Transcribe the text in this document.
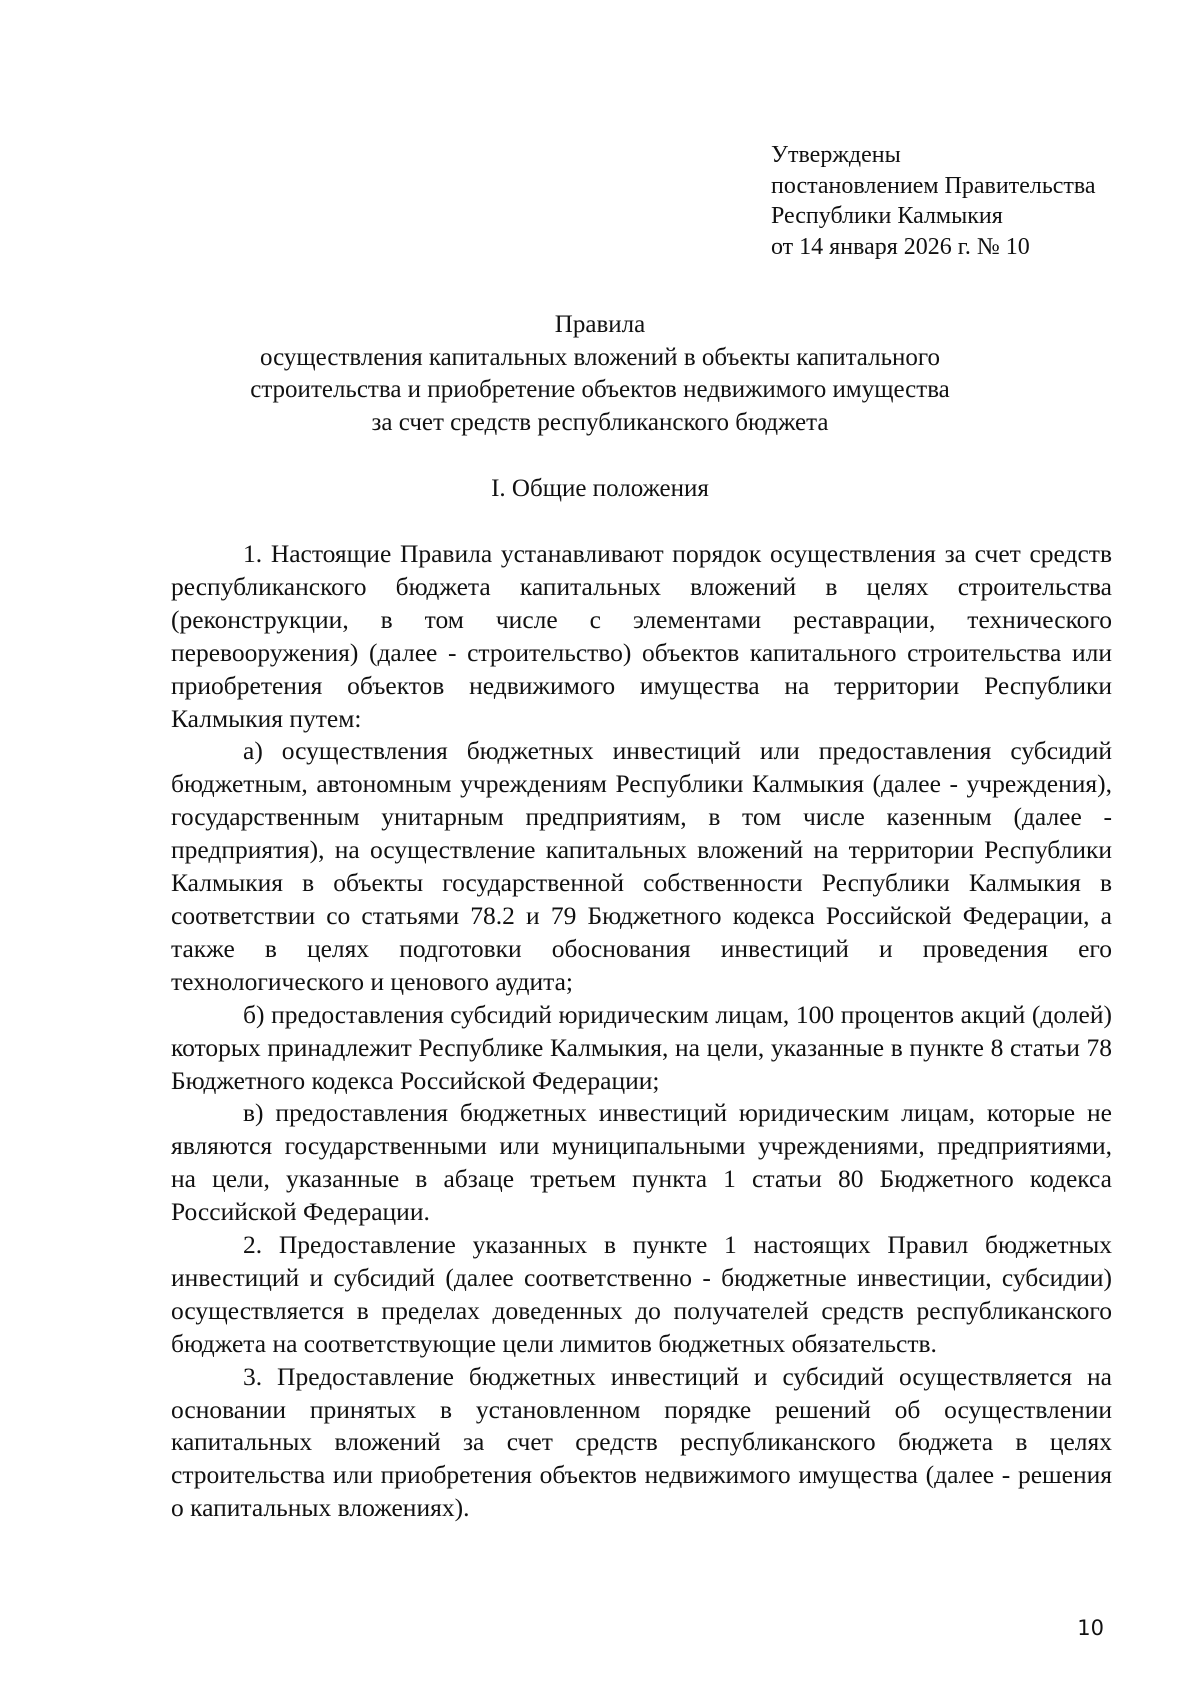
Утверждены
постановлением Правительства
Республики Калмыкия
от 14 января 2026 г. № 10
Правила
осуществления капитальных вложений в объекты капитального
строительства и приобретение объектов недвижимого имущества
за счет средств республиканского бюджета
I. Общие положения

1. Настоящие Правила устанавливают порядок осуществления за счет средств республиканского бюджета капитальных вложений в целях строительства (реконструкции, в том числе с элементами реставрации, технического перевооружения) (далее - строительство) объектов капитального строительства или приобретения объектов недвижимого имущества на территории Республики Калмыкия путем:

а) осуществления бюджетных инвестиций или предоставления субсидий бюджетным, автономным учреждениям Республики Калмыкия (далее - учреждения), государственным унитарным предприятиям, в том числе казенным (далее - предприятия), на осуществление капитальных вложений на территории Республики Калмыкия в объекты государственной собственности Республики Калмыкия в соответствии со статьями 78.2 и 79 Бюджетного кодекса Российской Федерации, а также в целях подготовки обоснования инвестиций и проведения его технологического и ценового аудита;

б) предоставления субсидий юридическим лицам, 100 процентов акций (долей) которых принадлежит Республике Калмыкия, на цели, указанные в пункте 8 статьи 78 Бюджетного кодекса Российской Федерации;

в) предоставления бюджетных инвестиций юридическим лицам, которые не являются государственными или муниципальными учреждениями, предприятиями, на цели, указанные в абзаце третьем пункта 1 статьи 80 Бюджетного кодекса Российской Федерации.

2. Предоставление указанных в пункте 1 настоящих Правил бюджетных инвестиций и субсидий (далее соответственно - бюджетные инвестиции, субсидии) осуществляется в пределах доведенных до получателей средств республиканского бюджета на соответствующие цели лимитов бюджетных обязательств.

3. Предоставление бюджетных инвестиций и субсидий осуществляется на основании принятых в установленном порядке решений об осуществлении капитальных вложений за счет средств республиканского бюджета в целях строительства или приобретения объектов недвижимого имущества (далее - решения о капитальных вложениях).

10
